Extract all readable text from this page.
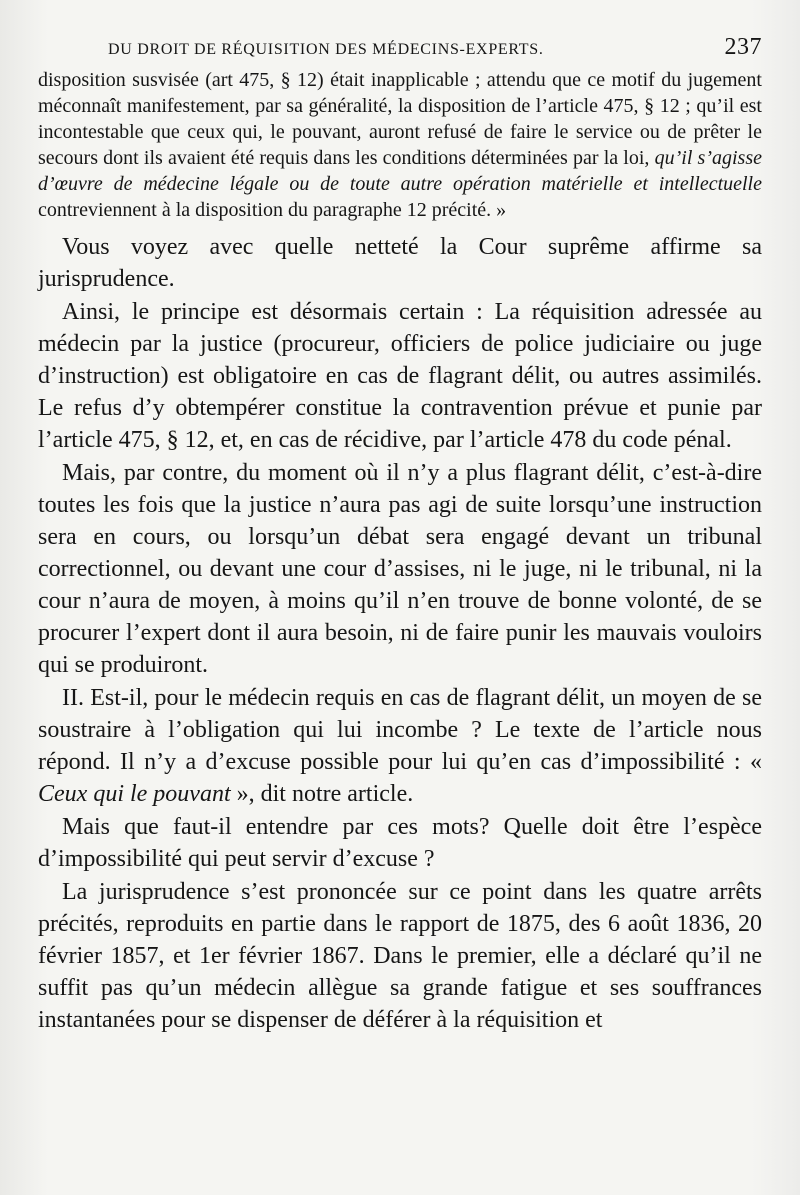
DU DROIT DE RÉQUISITION DES MÉDECINS-EXPERTS.	237

disposition susvisée (art 475, § 12) était inapplicable ; attendu que ce motif du jugement méconnaît manifestement, par sa généralité, la disposition de l’article 475, § 12 ; qu’il est incontestable que ceux qui, le pouvant, auront refusé de faire le service ou de prêter le secours dont ils avaient été requis dans les conditions déterminées par la loi, qu’il s’agisse d’œuvre de médecine légale ou de toute autre opération matérielle et intellectuelle contreviennent à la disposition du paragraphe 12 précité. »

Vous voyez avec quelle netteté la Cour suprême affirme sa jurisprudence.

Ainsi, le principe est désormais certain : La réquisition adressée au médecin par la justice (procureur, officiers de police judiciaire ou juge d’instruction) est obligatoire en cas de flagrant délit, ou autres assimilés. Le refus d’y obtempérer constitue la contravention prévue et punie par l’article 475, § 12, et, en cas de récidive, par l’article 478 du code pénal.

Mais, par contre, du moment où il n’y a plus flagrant délit, c’est-à-dire toutes les fois que la justice n’aura pas agi de suite lorsqu’une instruction sera en cours, ou lorsqu’un débat sera engagé devant un tribunal correctionnel, ou devant une cour d’assises, ni le juge, ni le tribunal, ni la cour n’aura de moyen, à moins qu’il n’en trouve de bonne volonté, de se procurer l’expert dont il aura besoin, ni de faire punir les mauvais vouloirs qui se produiront.

II. Est-il, pour le médecin requis en cas de flagrant délit, un moyen de se soustraire à l’obligation qui lui incombe ? Le texte de l’article nous répond. Il n’y a d’excuse possible pour lui qu’en cas d’impossibilité : « Ceux qui le pouvant », dit notre article.

Mais que faut-il entendre par ces mots? Quelle doit être l’espèce d’impossibilité qui peut servir d’excuse ?

La jurisprudence s’est prononcée sur ce point dans les quatre arrêts précités, reproduits en partie dans le rapport de 1875, des 6 août 1836, 20 février 1857, et 1er février 1867. Dans le premier, elle a déclaré qu’il ne suffit pas qu’un médecin allègue sa grande fatigue et ses souffrances instantanées pour se dispenser de déférer à la réquisition et
